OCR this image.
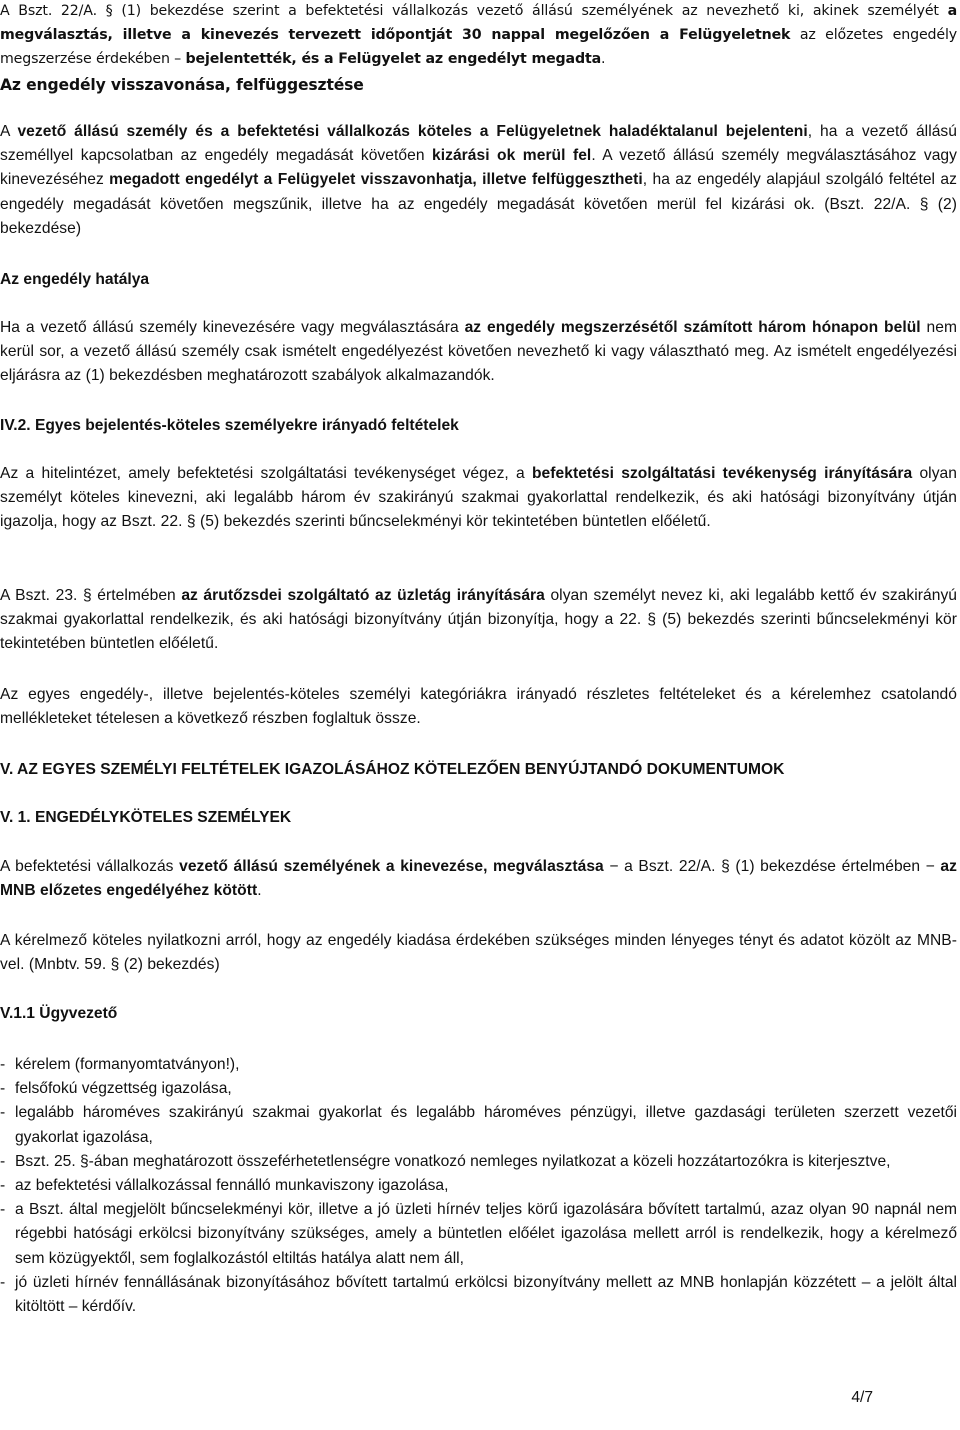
A Bszt. 22/A. § (1) bekezdése szerint a befektetési vállalkozás vezető állású személyének az nevezhető ki, akinek személyét a megválasztás, illetve a kinevezés tervezett időpontját 30 nappal megelőzően a Felügyeletnek az előzetes engedély megszerzése érdekében – bejelentették, és a Felügyelet az engedélyt megadta.

Az engedély visszavonása, felfüggesztése

A vezető állású személy és a befektetési vállalkozás köteles a Felügyeletnek haladéktalanul bejelenteni, ha a vezető állású személlyel kapcsolatban az engedély megadását követően kizárási ok merül fel. A vezető állású személy megválasztásához vagy kinevezéséhez megadott engedélyt a Felügyelet visszavonhatja, illetve felfüggesztheti, ha az engedély alapjául szolgáló feltétel az engedély megadását követően megszűnik, illetve ha az engedély megadását követően merül fel kizárási ok. (Bszt. 22/A. § (2) bekezdése)

Az engedély hatálya

Ha a vezető állású személy kinevezésére vagy megválasztására az engedély megszerzésétől számított három hónapon belül nem kerül sor, a vezető állású személy csak ismételt engedélyezést követően nevezhető ki vagy választható meg. Az ismételt engedélyezési eljárásra az (1) bekezdésben meghatározott szabályok alkalmazandók.

IV.2. Egyes bejelentés-köteles személyekre irányadó feltételek

Az a hitelintézet, amely befektetési szolgáltatási tevékenységet végez, a befektetési szolgáltatási tevékenység irányítására olyan személyt köteles kinevezni, aki legalább három év szakirányú szakmai gyakorlattal rendelkezik, és aki hatósági bizonyítvány útján igazolja, hogy az Bszt. 22. § (5) bekezdés szerinti bűncselekményi kör tekintetében büntetlen előéletű.

A Bszt. 23. § értelmében az árutőzsdei szolgáltató az üzletág irányítására olyan személyt nevez ki, aki legalább kettő év szakirányú szakmai gyakorlattal rendelkezik, és aki hatósági bizonyítvány útján bizonyítja, hogy a 22. § (5) bekezdés szerinti bűncselekményi kör tekintetében büntetlen előéletű.

Az egyes engedély-, illetve bejelentés-köteles személyi kategóriákra irányadó részletes feltételeket és a kérelemhez csatolandó mellékleteket tételesen a következő részben foglaltuk össze.

V. AZ EGYES SZEMÉLYI FELTÉTELEK IGAZOLÁSÁHOZ KÖTELEZŐEN BENYÚJTANDÓ DOKUMENTUMOK
V. 1. ENGEDÉLYKÖTELES SZEMÉLYEK

A befektetési vállalkozás vezető állású személyének a kinevezése, megválasztása − a Bszt. 22/A. § (1) bekezdése értelmében − az MNB előzetes engedélyéhez kötött.

A kérelmező köteles nyilatkozni arról, hogy az engedély kiadása érdekében szükséges minden lényeges tényt és adatot közölt az MNB-vel. (Mnbtv. 59. § (2) bekezdés)

V.1.1 Ügyvezető
- kérelem (formanyomtatványon!),
- felsőfokú végzettség igazolása,
- legalább hároméves szakirányú szakmai gyakorlat és legalább hároméves pénzügyi, illetve gazdasági területen szerzett vezetői gyakorlat igazolása,
- Bszt. 25. §-ában meghatározott összeférhetetlenségre vonatkozó nemleges nyilatkozat a közeli hozzátartozókra is kiterjesztve,
- az befektetési vállalkozással fennálló munkaviszony igazolása,
- a Bszt. által megjelölt bűncselekményi kör, illetve a jó üzleti hírnév teljes körű igazolására bővített tartalmú, azaz olyan 90 napnál nem régebbi hatósági erkölcsi bizonyítvány szükséges, amely a büntetlen előélet igazolása mellett arról is rendelkezik, hogy a kérelmező sem közügyektől, sem foglalkozástól eltiltás hatálya alatt nem áll,
- jó üzleti hírnév fennállásának bizonyításához bővített tartalmú erkölcsi bizonyítvány mellett az MNB honlapján közzétett – a jelölt által kitöltött – kérdőív.
4/7
